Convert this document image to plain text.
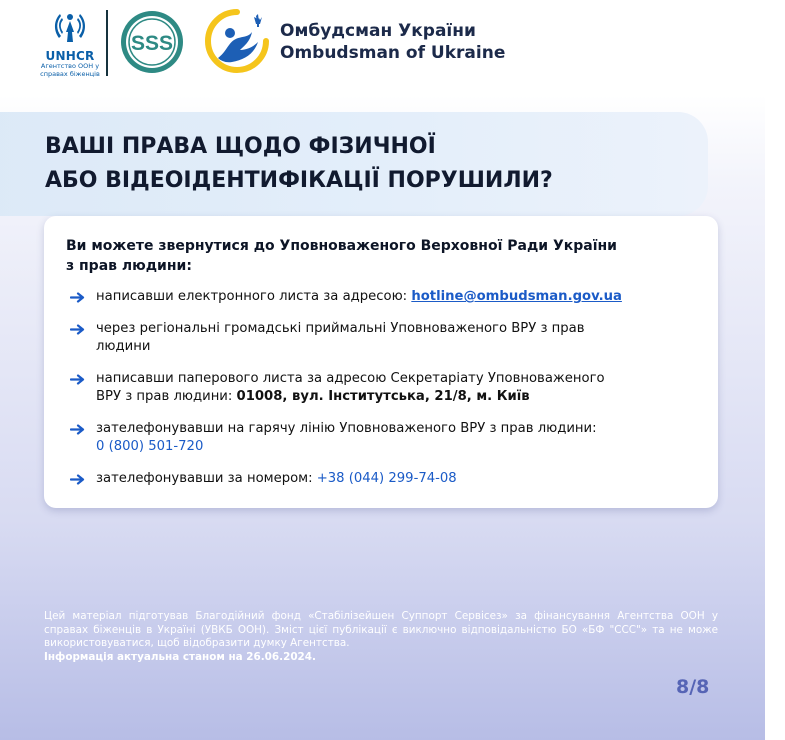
UNHCR
Агентство ООН у
справах біженців
SSS
Омбудсман України
Ombudsman of Ukraine
ВАШІ ПРАВА ЩОДО ФІЗИЧНОЇ
АБО ВІДЕОІДЕНТИФІКАЦІЇ ПОРУШИЛИ?
Ви можете звернутися до Уповноваженого Верховної Ради України
з прав людини:
написавши електронного листа за адресою: hotline@ombudsman.gov.ua
через регіональні громадські приймальні Уповноваженого ВРУ з прав
людини
написавши паперового листа за адресою Секретаріату Уповноваженого
ВРУ з прав людини: 01008, вул. Інститутська, 21/8, м. Київ
зателефонувавши на гарячу лінію Уповноваженого ВРУ з прав людини:
0 (800) 501-720
зателефонувавши за номером: +38 (044) 299-74-08
Цей матеріал підготував Благодійний фонд «Стабілізейшен Суппорт Сервісез» за фінансування Агентства ООН у справах біженців в Україні (УВКБ ООН). Зміст цієї публікації є виключно відповідальністю БО «БФ "ССС"» та не може використовуватися, щоб відобразити думку Агентства.
Інформація актуальна станом на 26.06.2024.
8/8
